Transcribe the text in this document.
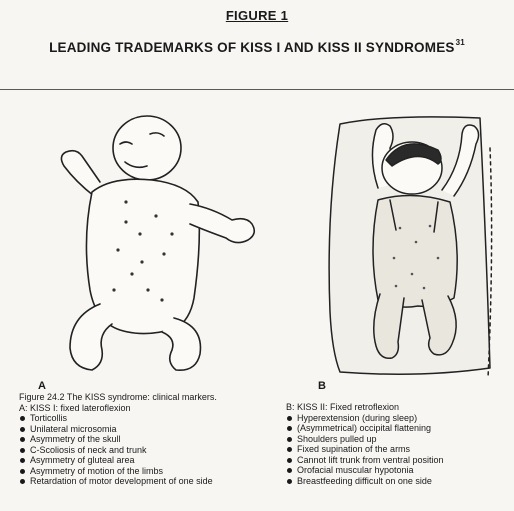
FIGURE 1
LEADING TRADEMARKS OF KISS I AND KISS II SYNDROMES$^{31}$
A	B
Figure 24.2 The KISS syndrome: clinical markers.
A: KISS I: fixed lateroflexion
Torticollis
Unilateral microsomia
Asymmetry of the skull
C-Scoliosis of neck and trunk
Asymmetry of gluteal area
Asymmetry of motion of the limbs
Retardation of motor development of one side
B: KISS II: Fixed retroflexion
Hyperextension (during sleep)
(Asymmetrical) occipital flattening
Shoulders pulled up
Fixed supination of the arms
Cannot lift trunk from ventral position
Orofacial muscular hypotonia
Breastfeeding difficult on one side
